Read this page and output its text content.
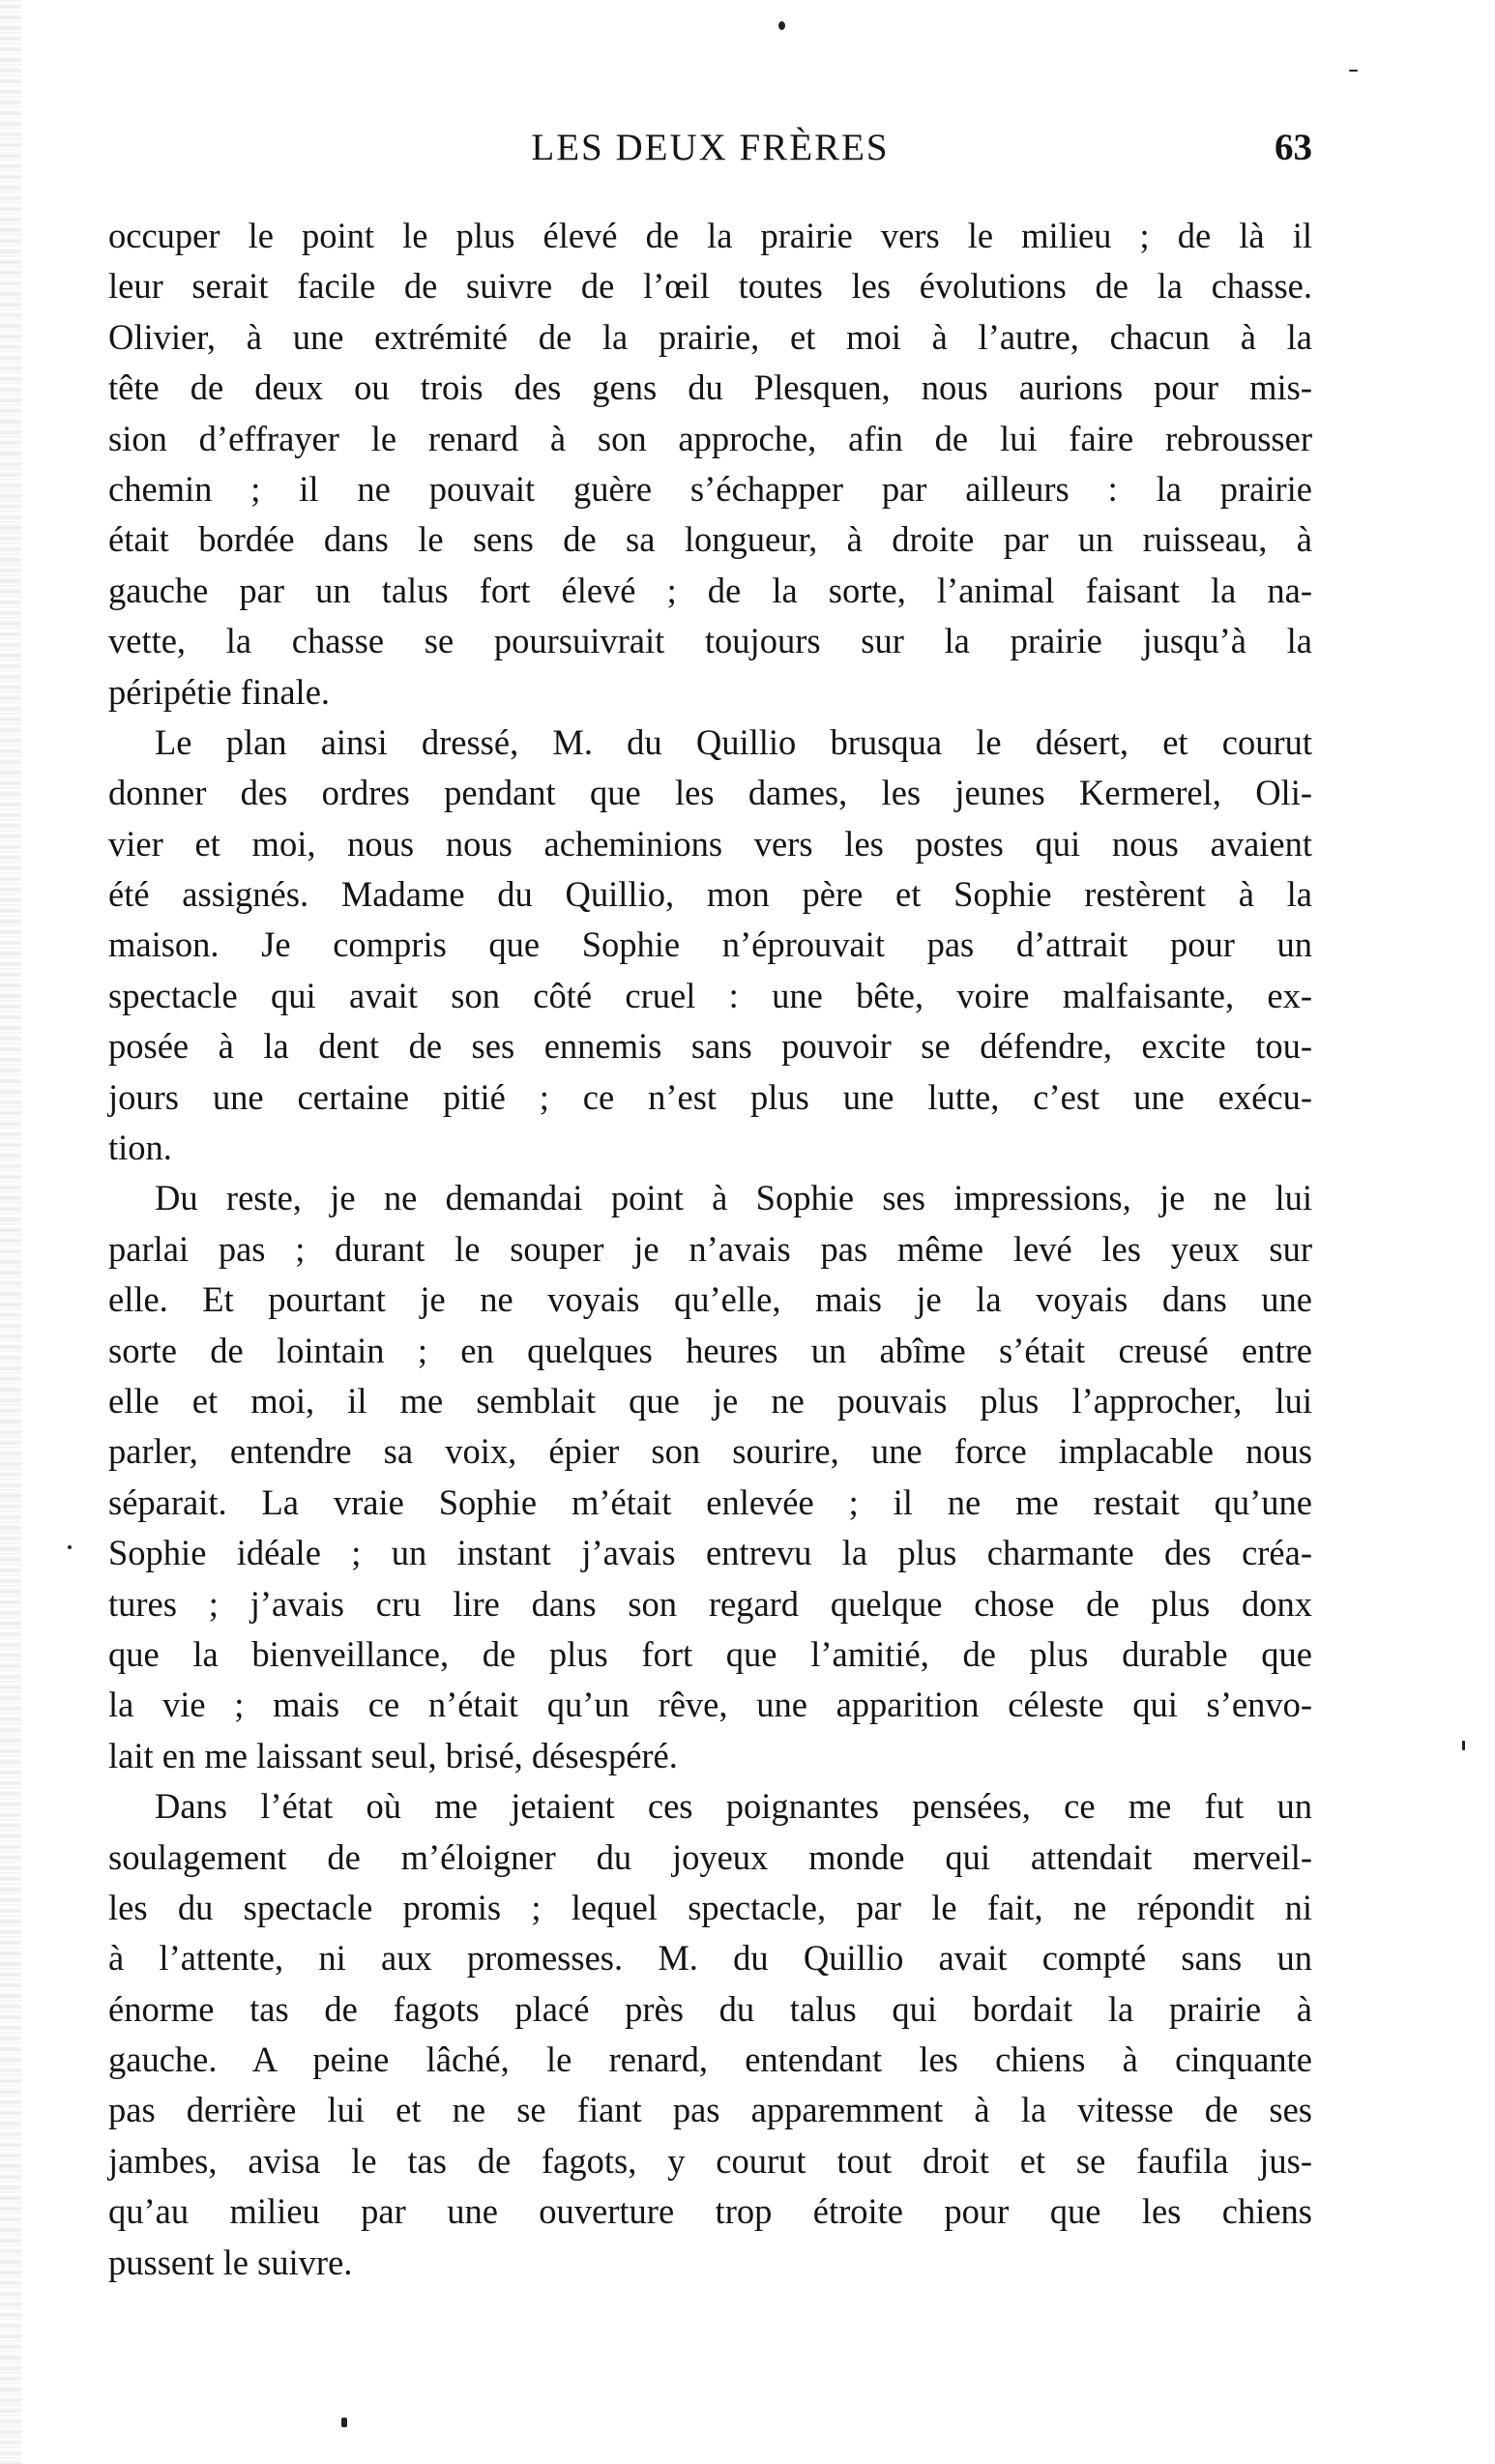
LES DEUX FRÈRES	63
occuper le point le plus élevé de la prairie vers le milieu ; de là il
leur serait facile de suivre de l’œil toutes les évolutions de la chasse.
Olivier, à une extrémité de la prairie, et moi à l’autre, chacun à la
tête de deux ou trois des gens du Plesquen, nous aurions pour mis-
sion d’effrayer le renard à son approche, afin de lui faire rebrousser
chemin ; il ne pouvait guère s’échapper par ailleurs : la prairie
était bordée dans le sens de sa longueur, à droite par un ruisseau, à
gauche par un talus fort élevé ; de la sorte, l’animal faisant la na-
vette, la chasse se poursuivrait toujours sur la prairie jusqu’à la
péripétie finale.
Le plan ainsi dressé, M. du Quillio brusqua le désert, et courut
donner des ordres pendant que les dames, les jeunes Kermerel, Oli-
vier et moi, nous nous acheminions vers les postes qui nous avaient
été assignés. Madame du Quillio, mon père et Sophie restèrent à la
maison. Je compris que Sophie n’éprouvait pas d’attrait pour un
spectacle qui avait son côté cruel : une bête, voire malfaisante, ex-
posée à la dent de ses ennemis sans pouvoir se défendre, excite tou-
jours une certaine pitié ; ce n’est plus une lutte, c’est une exécu-
tion.
Du reste, je ne demandai point à Sophie ses impressions, je ne lui
parlai pas ; durant le souper je n’avais pas même levé les yeux sur
elle. Et pourtant je ne voyais qu’elle, mais je la voyais dans une
sorte de lointain ; en quelques heures un abîme s’était creusé entre
elle et moi, il me semblait que je ne pouvais plus l’approcher, lui
parler, entendre sa voix, épier son sourire, une force implacable nous
séparait. La vraie Sophie m’était enlevée ; il ne me restait qu’une
Sophie idéale ; un instant j’avais entrevu la plus charmante des créa-
tures ; j’avais cru lire dans son regard quelque chose de plus donx
que la bienveillance, de plus fort que l’amitié, de plus durable que
la vie ; mais ce n’était qu’un rêve, une apparition céleste qui s’envo-
lait en me laissant seul, brisé, désespéré.
Dans l’état où me jetaient ces poignantes pensées, ce me fut un
soulagement de m’éloigner du joyeux monde qui attendait merveil-
les du spectacle promis ; lequel spectacle, par le fait, ne répondit ni
à l’attente, ni aux promesses. M. du Quillio avait compté sans un
énorme tas de fagots placé près du talus qui bordait la prairie à
gauche. A peine lâché, le renard, entendant les chiens à cinquante
pas derrière lui et ne se fiant pas apparemment à la vitesse de ses
jambes, avisa le tas de fagots, y courut tout droit et se faufila jus-
qu’au milieu par une ouverture trop étroite pour que les chiens
pussent le suivre.
